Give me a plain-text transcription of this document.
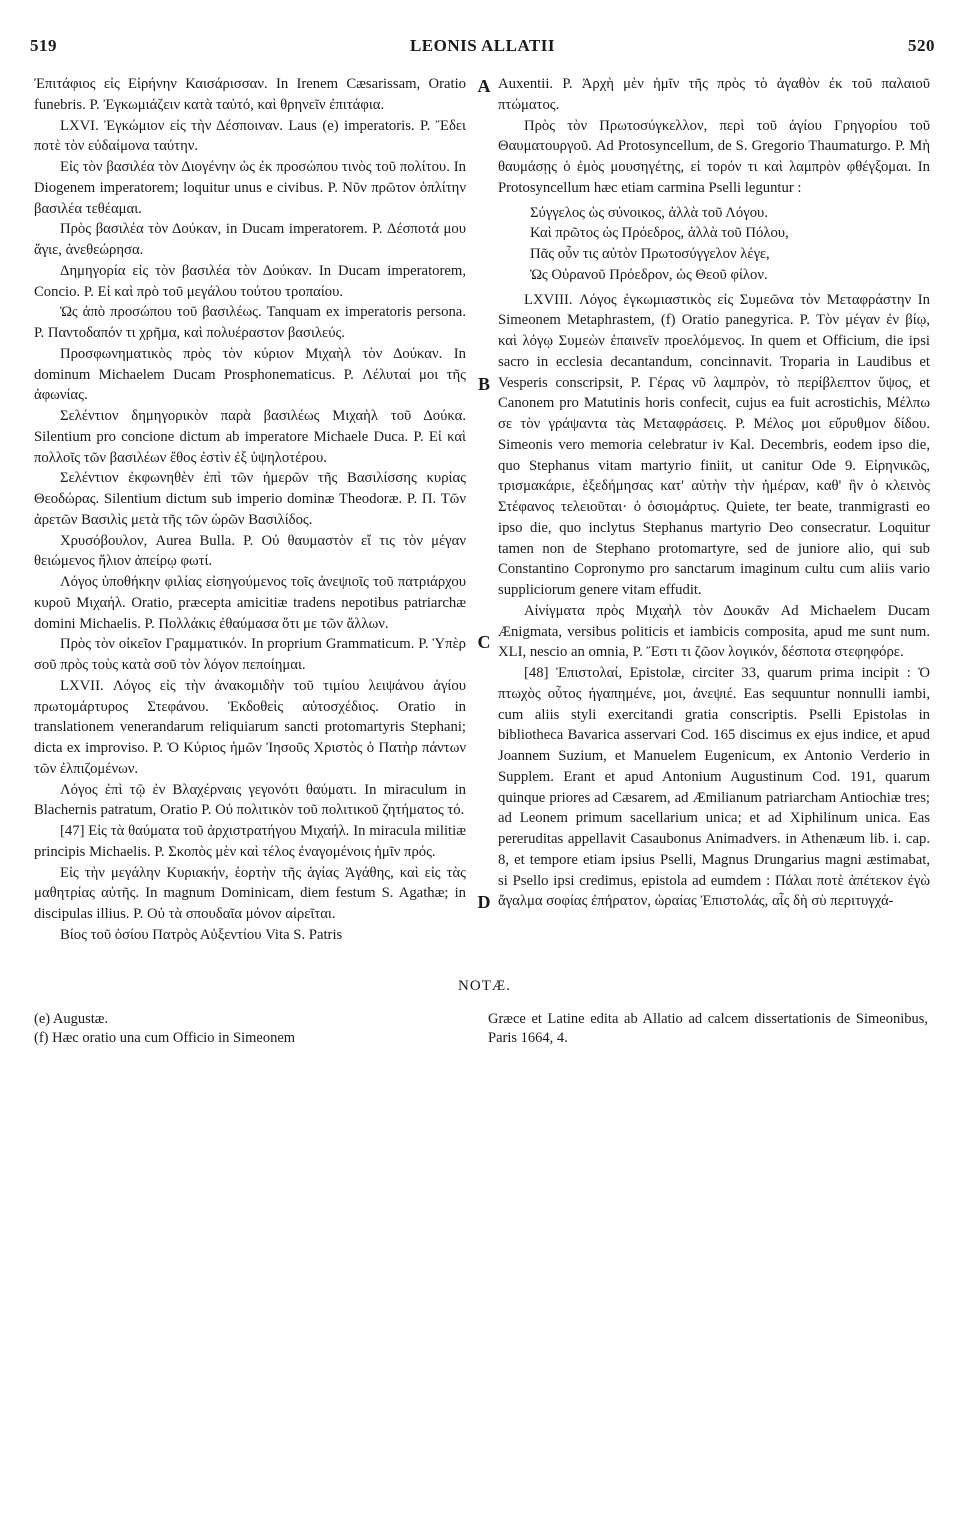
519	LEONIS ALLATII	520

Ἐπιτάφιος εἰς Εἰρήνην Καισάρισσαν. In Irenem Cæsarissam, Oratio funebris. P. Ἐγκωμιάζειν κατὰ ταὐτό, καὶ θρηνεῖν ἐπιτάφια.

LXVI. Ἐγκώμιον εἰς τὴν Δέσποιναν. Laus (e) imperatoris. P. Ἔδει ποτὲ τὸν εὐδαίμονα ταύτην.

Εἰς τὸν βασιλέα τὸν Διογένην ὡς ἐκ προσώπου τινὸς τοῦ πολίτου. In Diogenem imperatorem; loquitur unus e civibus. P. Νῦν πρῶτον ὁπλίτην βασιλέα τεθέαμαι.

Πρὸς βασιλέα τὸν Δούκαν, in Ducam imperatorem. P. Δέσποτά μου ἅγιε, ἀνεθεώρησα.

Δημηγορία εἰς τὸν βασιλέα τὸν Δούκαν. In Ducam imperatorem, Concio. P. Εἰ καὶ πρὸ τοῦ μεγάλου τούτου τροπαίου.

Ὡς ἀπὸ προσώπου τοῦ βασιλέως. Tanquam ex imperatoris persona. P. Παντοδαπόν τι χρῆμα, καὶ πολυέραστον βασιλεύς.

Προσφωνηματικὸς πρὸς τὸν κύριον Μιχαὴλ τὸν Δούκαν. In dominum Michaelem Ducam Prosphonematicus. P. Λέλυταί μοι τῆς ἀφωνίας.

Σελέντιον δημηγορικὸν παρὰ βασιλέως Μιχαὴλ τοῦ Δούκα. Silentium pro concione dictum ab imperatore Michaele Duca. P. Εἰ καὶ πολλοῖς τῶν βασιλέων ἔθος ἐστὶν ἐξ ὑψηλοτέρου.

Σελέντιον ἐκφωνηθὲν ἐπὶ τῶν ἡμερῶν τῆς Βασιλίσσης κυρίας Θεοδώρας. Silentium dictum sub imperio dominæ Theodoræ. P. Π. Τῶν ἀρετῶν Βασιλὶς μετὰ τῆς τῶν ὡρῶν Βασιλίδος.

Χρυσόβουλον, Aurea Bulla. P. Οὐ θαυμαστὸν εἴ τις τὸν μέγαν θειώμενος ἥλιον ἀπείρῳ φωτί.

Λόγος ὑποθήκην φιλίας εἰσηγούμενος τοῖς ἀνεψιοῖς τοῦ πατριάρχου κυροῦ Μιχαήλ. Oratio, præcepta amicitiæ tradens nepotibus patriarchæ domini Michaelis. P. Πολλάκις ἐθαύμασα ὅτι με τῶν ἄλλων.

Πρὸς τὸν οἰκεῖον Γραμματικόν. In proprium Grammaticum. P. Ὑπὲρ σοῦ πρὸς τοὺς κατὰ σοῦ τὸν λόγον πεποίημαι.

LXVII. Λόγος εἰς τὴν ἀνακομιδὴν τοῦ τιμίου λειψάνου ἁγίου πρωτομάρτυρος Στεφάνου. Ἐκδοθεὶς αὐτοσχέδιος. Oratio in translationem venerandarum reliquiarum sancti protomartyris Stephani; dicta ex improviso. P. Ὁ Κύριος ἡμῶν Ἰησοῦς Χριστὸς ὁ Πατὴρ πάντων τῶν ἐλπιζομένων.

Λόγος ἐπὶ τῷ ἐν Βλαχέρναις γεγονότι θαύματι. In miraculum in Blachernis patratum, Oratio P. Οὐ πολιτικὸν τοῦ πολιτικοῦ ζητήματος τό.

[47] Εἰς τὰ θαύματα τοῦ ἀρχιστρατήγου Μιχαήλ. In miracula militiæ principis Michaelis. P. Σκοπὸς μὲν καὶ τέλος ἐναγομένοις ἡμῖν πρός.

Εἰς τὴν μεγάλην Κυριακήν, ἑορτὴν τῆς ἁγίας Ἀγάθης, καὶ εἰς τὰς μαθητρίας αὐτῆς. In magnum Dominicam, diem festum S. Agathæ; in discipulas illius. P. Οὐ τὰ σπουδαῖα μόνον αἱρεῖται.

Βίος τοῦ ὁσίου Πατρὸς Αὐξεντίου Vita S. Patris

Auxentii. P. Ἀρχὴ μὲν ἡμῖν τῆς πρὸς τὸ ἀγαθὸν ἐκ τοῦ παλαιοῦ πτώματος.

Πρὸς τὸν Πρωτοσύγκελλον, περὶ τοῦ ἁγίου Γρηγορίου τοῦ Θαυματουργοῦ. Ad Protosyncellum, de S. Gregorio Thaumaturgo. P. Μὴ θαυμάσῃς ὁ ἐμὸς μουσηγέτης, εἰ τορόν τι καὶ λαμπρὸν φθέγξομαι. In Protosyncellum hæc etiam carmina Pselli leguntur :

Σύγγελος ὡς σύνοικος, ἀλλὰ τοῦ Λόγου.
Καὶ πρῶτος ὡς Πρόεδρος, ἀλλὰ τοῦ Πόλου,
Πᾶς οὖν τις αὐτὸν Πρωτοσύγγελον λέγε,
Ὡς Οὐρανοῦ Πρόεδρον, ὡς Θεοῦ φίλον.

LXVIII. Λόγος ἐγκωμιαστικὸς εἰς Συμεῶνα τὸν Μεταφράστην In Simeonem Metaphrastem, (f) Oratio panegyrica. P. Τὸν μέγαν ἐν βίῳ, καὶ λόγῳ Συμεὼν ἐπαινεῖν προελόμενος. In quem et Officium, die ipsi sacro in ecclesia decantandum, concinnavit. Troparia in Laudibus et Vesperis conscripsit, P. Γέρας νῦ λαμπρὸν, τὸ περίβλεπτον ὕψος, et Canonem pro Matutinis horis confecit, cujus ea fuit acrostichis, Μέλπω σε τὸν γράψαντα τὰς Μεταφράσεις. P. Μέλος μοι εὔρυθμον δίδου. Simeonis vero memoria celebratur iv Kal. Decembris, eodem ipso die, quo Stephanus vitam martyrio finiit, ut canitur Ode 9. Εἰρηνικῶς, τρισμακάριε, ἐξεδήμησας κατ' αὐτὴν τὴν ἡμέραν, καθ' ἣν ὁ κλεινὸς Στέφανος τελειοῦται· ὁ ὁσιομάρτυς. Quiete, ter beate, tranmigrasti eo ipso die, quo inclytus Stephanus martyrio Deo consecratur. Loquitur tamen non de Stephano protomartyre, sed de juniore alio, qui sub Constantino Copronymo pro sanctarum imaginum cultu cum aliis vario suppliciorum genere vitam effudit.

Αἰνίγματα πρὸς Μιχαὴλ τὸν Δουκᾶν Ad Michaelem Ducam Ænigmata, versibus politicis et iambicis composita, apud me sunt num. XLI, nescio an omnia, P. Ἔστι τι ζῶον λογικόν, δέσποτα στεφηφόρε.

[48] Ἐπιστολαί, Epistolæ, circiter 33, quarum prima incipit : Ὁ πτωχὸς οὗτος ἠγαπημένε, μοι, ἀνεψιέ. Eas sequuntur nonnulli iambi, cum aliis styli exercitandi gratia conscriptis. Pselli Epistolas in bibliotheca Bavarica asservari Cod. 165 discimus ex ejus indice, et apud Joannem Suzium, et Manuelem Eugenicum, ex Antonio Verderio in Supplem. Erant et apud Antonium Augustinum Cod. 191, quarum quinque priores ad Cæsarem, ad Æmilianum patriarcham Antiochiæ tres; ad Leonem primum sacellarium unica; et ad Xiphilinum unica. Eas pereruditas appellavit Casaubonus Animadvers. in Athenæum lib. i. cap. 8, et tempore etiam ipsius Pselli, Magnus Drungarius magni æstimabat, si Psello ipsi credimus, epistola ad eumdem : Πάλαι ποτὲ ἀπέτεκον ἐγὼ ἄγαλμα σοφίας ἐπήρατον, ὡραίας Ἐπιστολάς, αἷς δὴ σὺ περιτυγχά-

A
B
C
D
NOTÆ.

(e) Augustæ.

(f) Hæc oratio una cum Officio in Simeonem

Græce et Latine edita ab Allatio ad calcem dissertationis de Simeonibus, Paris 1664, 4.
